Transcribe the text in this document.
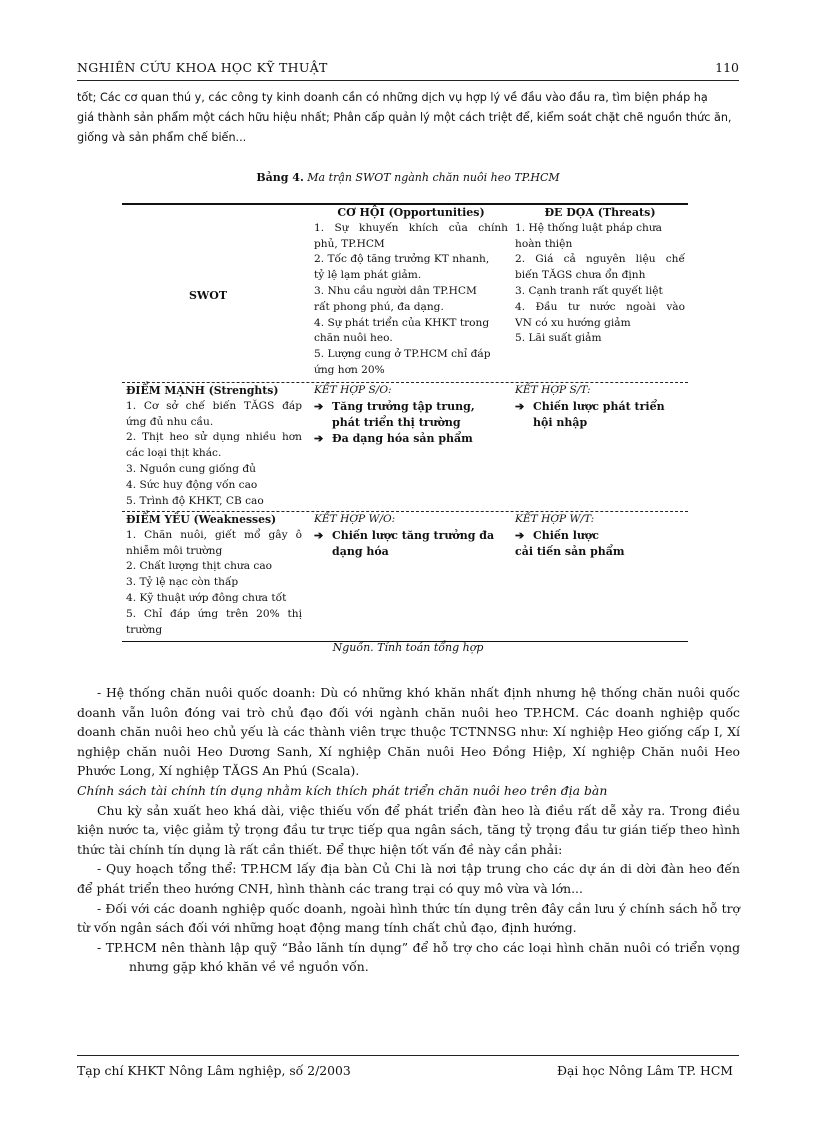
NGHIÊN CỨU KHOA HỌC KỸ THUẬT	110
tốt; Các cơ quan thú y, các công ty kinh doanh cần có những dịch vụ hợp lý về đầu vào đầu ra, tìm biện pháp hạ
giá thành sản phẩm một cách hữu hiệu nhất; Phân cấp quản lý một cách triệt để, kiểm soát chặt chẽ nguồn thức ăn,
giống và sản phẩm chế biến...
Bảng 4. Ma trận SWOT ngành chăn nuôi heo TP.HCM
SWOT
CƠ HỘI (Opportunities)
1. Sự khuyến khích của chính
phủ, TP.HCM
2. Tốc độ tăng trưởng KT nhanh,
tỷ lệ lạm phát giảm.
3. Nhu cầu người dân TP.HCM
rất phong phú, đa dạng.
4. Sự phát triển của KHKT trong
chăn nuôi heo.
5. Lượng cung ở TP.HCM chỉ đáp
ứng hơn 20%
ĐE DỌA (Threats)
1. Hệ thống luật pháp chưa
hoàn thiện
2. Giá cả nguyên liệu chế
biến TĂGS chưa ổn định
3. Cạnh tranh rất quyết liệt
4. Đầu tư nước ngoài vào
VN có xu hướng giảm
5. Lãi suất giảm
ĐIỂM MẠNH (Strenghts)
1. Cơ sở chế biến TĂGS đáp
ứng đủ nhu cầu.
2. Thịt heo sử dụng nhiều hơn
các loại thịt khác.
3. Nguồn cung giống đủ
4. Sức huy động vốn cao
5. Trình độ KHKT, CB cao
KẾT HỢP S/O:
➔ Tăng trưởng tập trung,
phát triển thị trường
➔ Đa dạng hóa sản phẩm
KẾT HỢP S/T:
➔ Chiến lược phát triển
hội nhập
ĐIỂM YẾU (Weaknesses)
1. Chăn nuôi, giết mổ gây ô
nhiễm môi trường
2. Chất lượng thịt chưa cao
3. Tỷ lệ nạc còn thấp
4. Kỹ thuật ướp đông chưa tốt
5. Chỉ đáp ứng trên 20% thị
trường
KẾT HỢP W/O:
➔ Chiến lược tăng trưởng đa
dạng hóa
KẾT HỢP W/T:
➔ Chiến lược
cải tiến sản phẩm
Nguồn. Tính toán tổng hợp

- Hệ thống chăn nuôi quốc doanh: Dù có những khó khăn nhất định nhưng hệ thống chăn nuôi quốc doanh vẫn luôn đóng vai trò chủ đạo đối với ngành chăn nuôi heo TP.HCM. Các doanh nghiệp quốc doanh chăn nuôi heo chủ yếu là các thành viên trực thuộc TCTNNSG như: Xí nghiệp Heo giống cấp I, Xí nghiệp chăn nuôi Heo Dương Sanh, Xí nghiệp Chăn nuôi Heo Đồng Hiệp, Xí nghiệp Chăn nuôi Heo Phước Long, Xí nghiệp TĂGS An Phú (Scala).

Chính sách tài chính tín dụng nhằm kích thích phát triển chăn nuôi heo trên địa bàn

Chu kỳ sản xuất heo khá dài, việc thiếu vốn để phát triển đàn heo là điều rất dễ xảy ra. Trong điều kiện nước ta, việc giảm tỷ trọng đầu tư trực tiếp qua ngân sách, tăng tỷ trọng đầu tư gián tiếp theo hình thức tài chính tín dụng là rất cần thiết. Để thực hiện tốt vấn đề này cần phải:

- Quy hoạch tổng thể: TP.HCM lấy địa bàn Củ Chi là nơi tập trung cho các dự án di dời đàn heo đến để phát triển theo hướng CNH, hình thành các trang trại có quy mô vừa và lớn...

- Đối với các doanh nghiệp quốc doanh, ngoài hình thức tín dụng trên đây cần lưu ý chính sách hỗ trợ từ vốn ngân sách đối với những hoạt động mang tính chất chủ đạo, định hướng.

- TP.HCM nên thành lập quỹ “Bảo lãnh tín dụng” để hỗ trợ cho các loại hình chăn nuôi có triển vọng nhưng gặp khó khăn về về nguồn vốn.

Tạp chí KHKT Nông Lâm nghiệp, số 2/2003	Đại học Nông Lâm TP. HCM
